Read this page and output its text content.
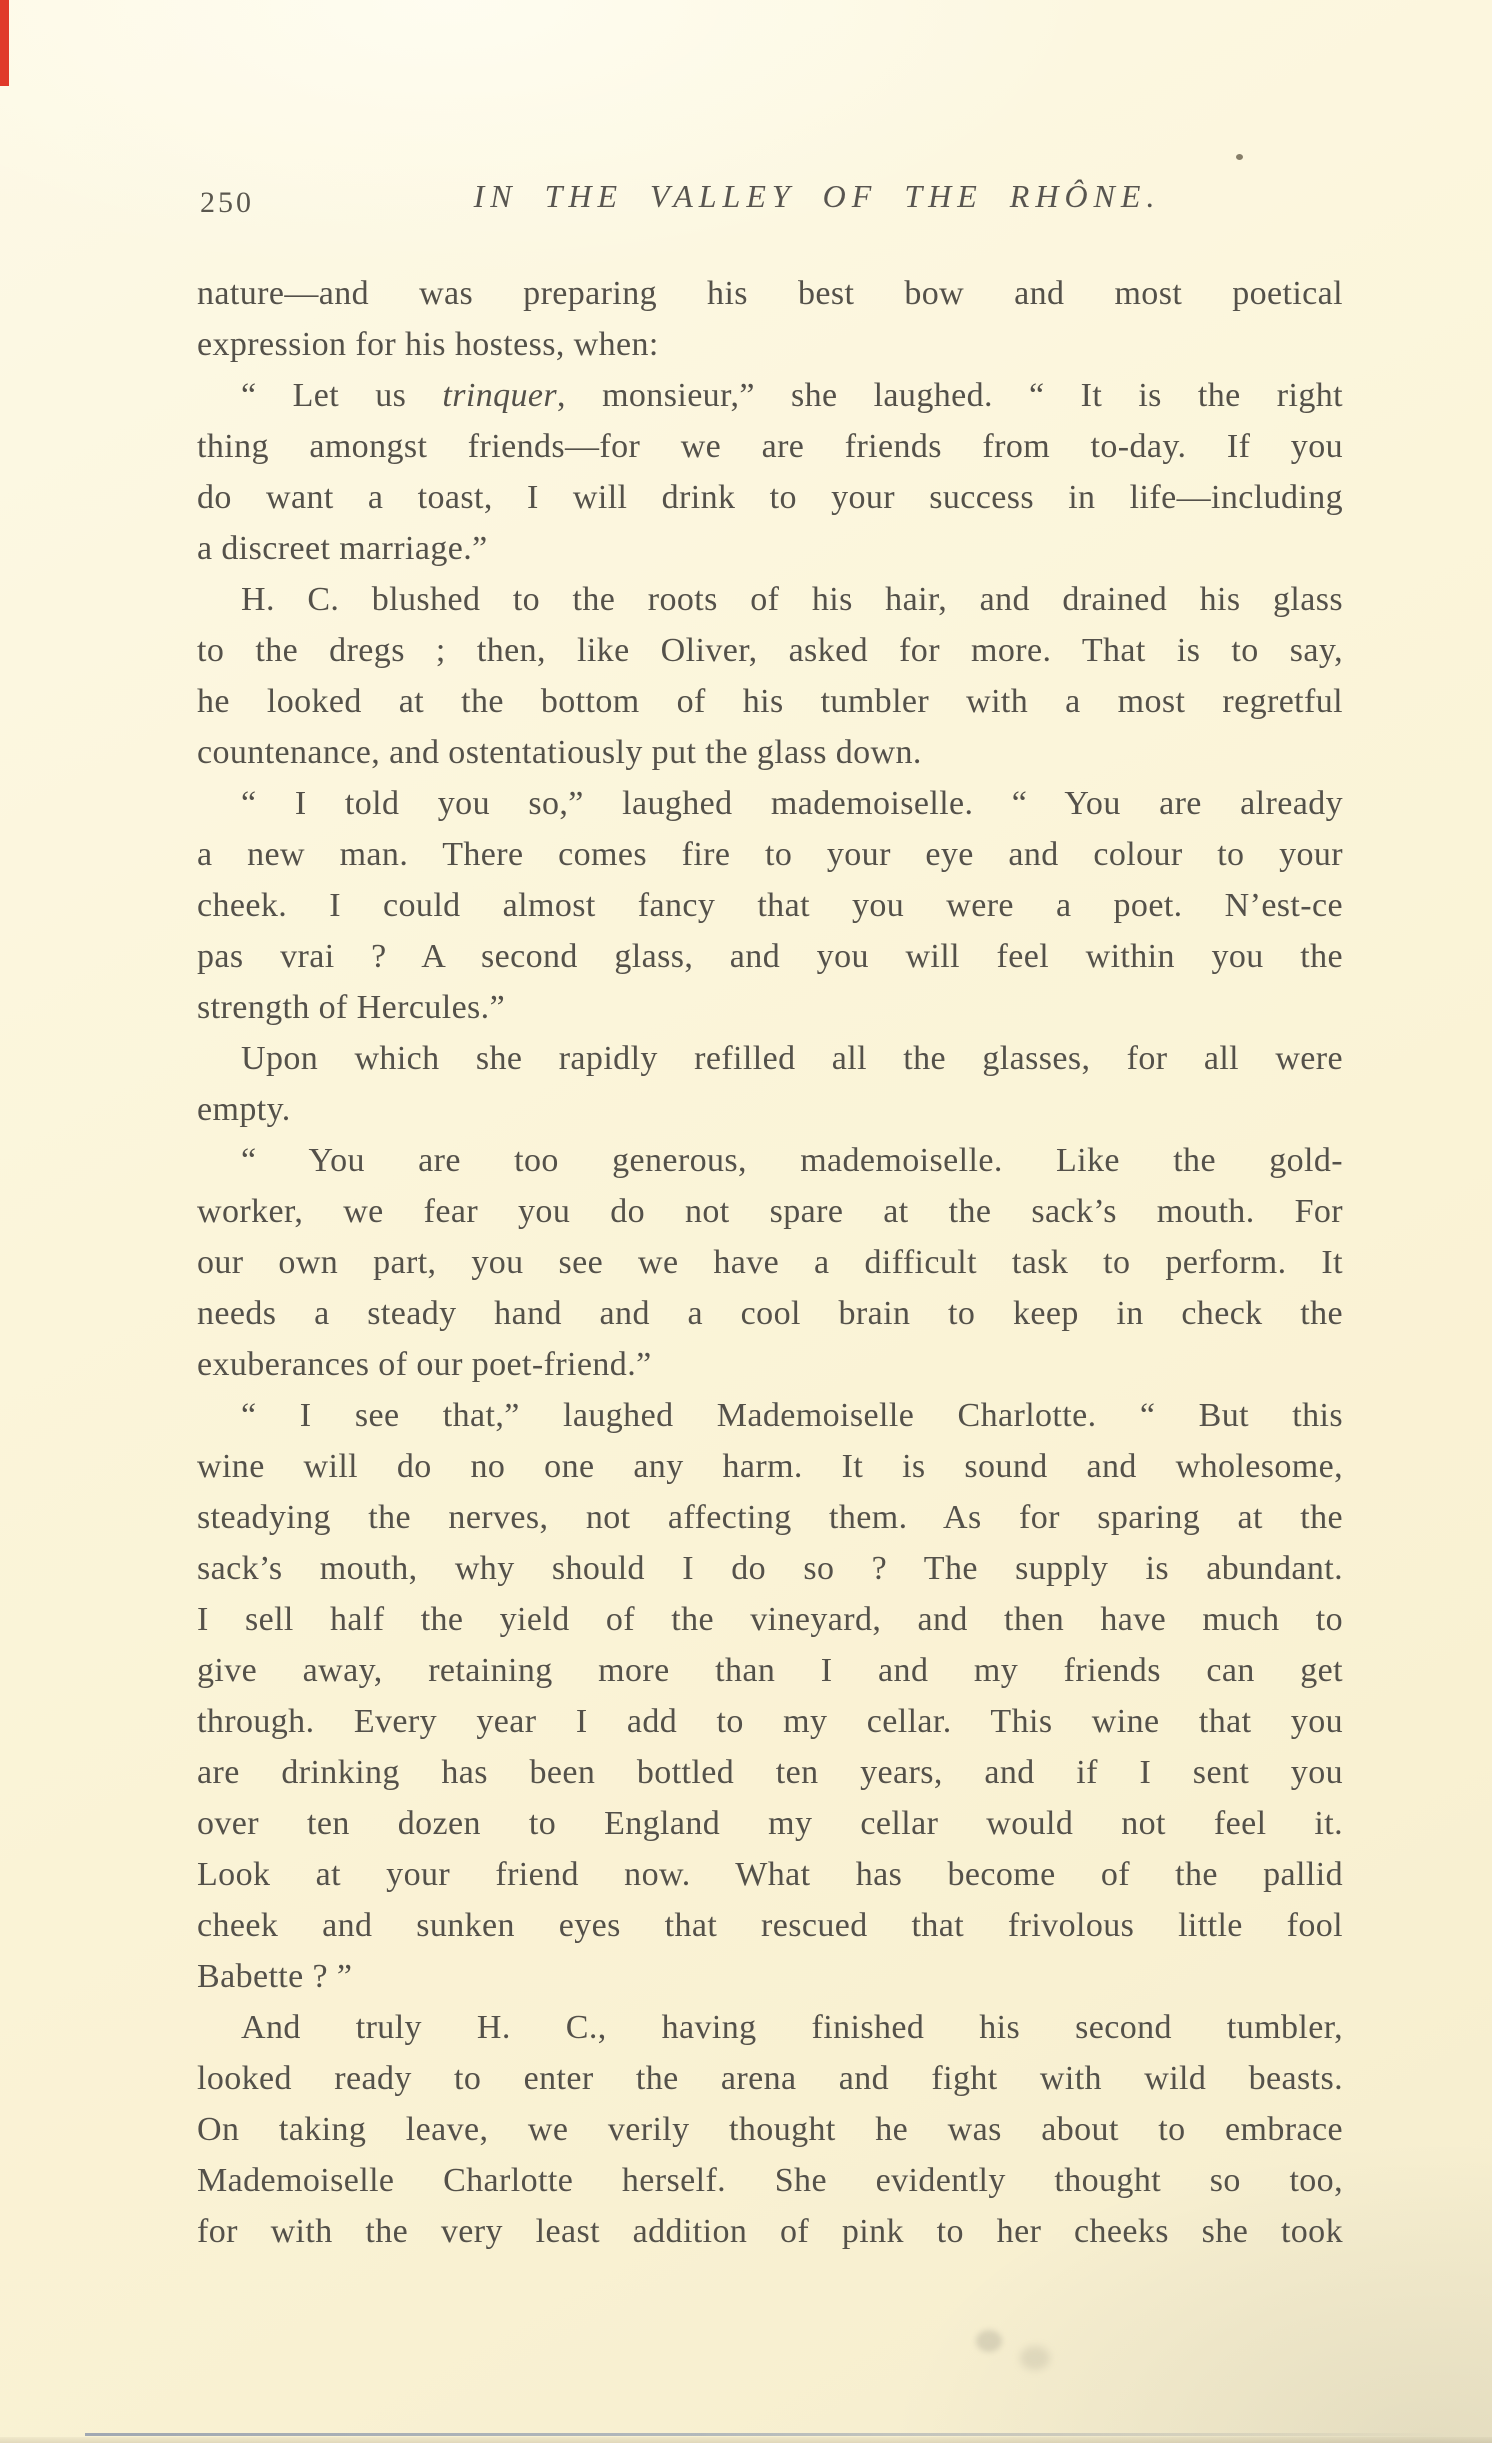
250	IN THE VALLEY OF THE RHÔNE.
nature—and was preparing his best bow and most poetical
expression for his hostess, when:
“ Let us trinquer, monsieur,” she laughed. “ It is the right
thing amongst friends—for we are friends from to-day. If you
do want a toast, I will drink to your success in life—including
a discreet marriage.”
H. C. blushed to the roots of his hair, and drained his glass
to the dregs ; then, like Oliver, asked for more. That is to say,
he looked at the bottom of his tumbler with a most regretful
countenance, and ostentatiously put the glass down.
“ I told you so,” laughed mademoiselle. “ You are already
a new man. There comes fire to your eye and colour to your
cheek. I could almost fancy that you were a poet. N’est-ce
pas vrai ? A second glass, and you will feel within you the
strength of Hercules.”
Upon which she rapidly refilled all the glasses, for all were
empty.
“ You are too generous, mademoiselle. Like the gold-
worker, we fear you do not spare at the sack’s mouth. For
our own part, you see we have a difficult task to perform. It
needs a steady hand and a cool brain to keep in check the
exuberances of our poet-friend.”
“ I see that,” laughed Mademoiselle Charlotte. “ But this
wine will do no one any harm. It is sound and wholesome,
steadying the nerves, not affecting them. As for sparing at the
sack’s mouth, why should I do so ? The supply is abundant.
I sell half the yield of the vineyard, and then have much to
give away, retaining more than I and my friends can get
through. Every year I add to my cellar. This wine that you
are drinking has been bottled ten years, and if I sent you
over ten dozen to England my cellar would not feel it.
Look at your friend now. What has become of the pallid
cheek and sunken eyes that rescued that frivolous little fool
Babette ? ”
And truly H. C., having finished his second tumbler,
looked ready to enter the arena and fight with wild beasts.
On taking leave, we verily thought he was about to embrace
Mademoiselle Charlotte herself. She evidently thought so too,
for with the very least addition of pink to her cheeks she took
